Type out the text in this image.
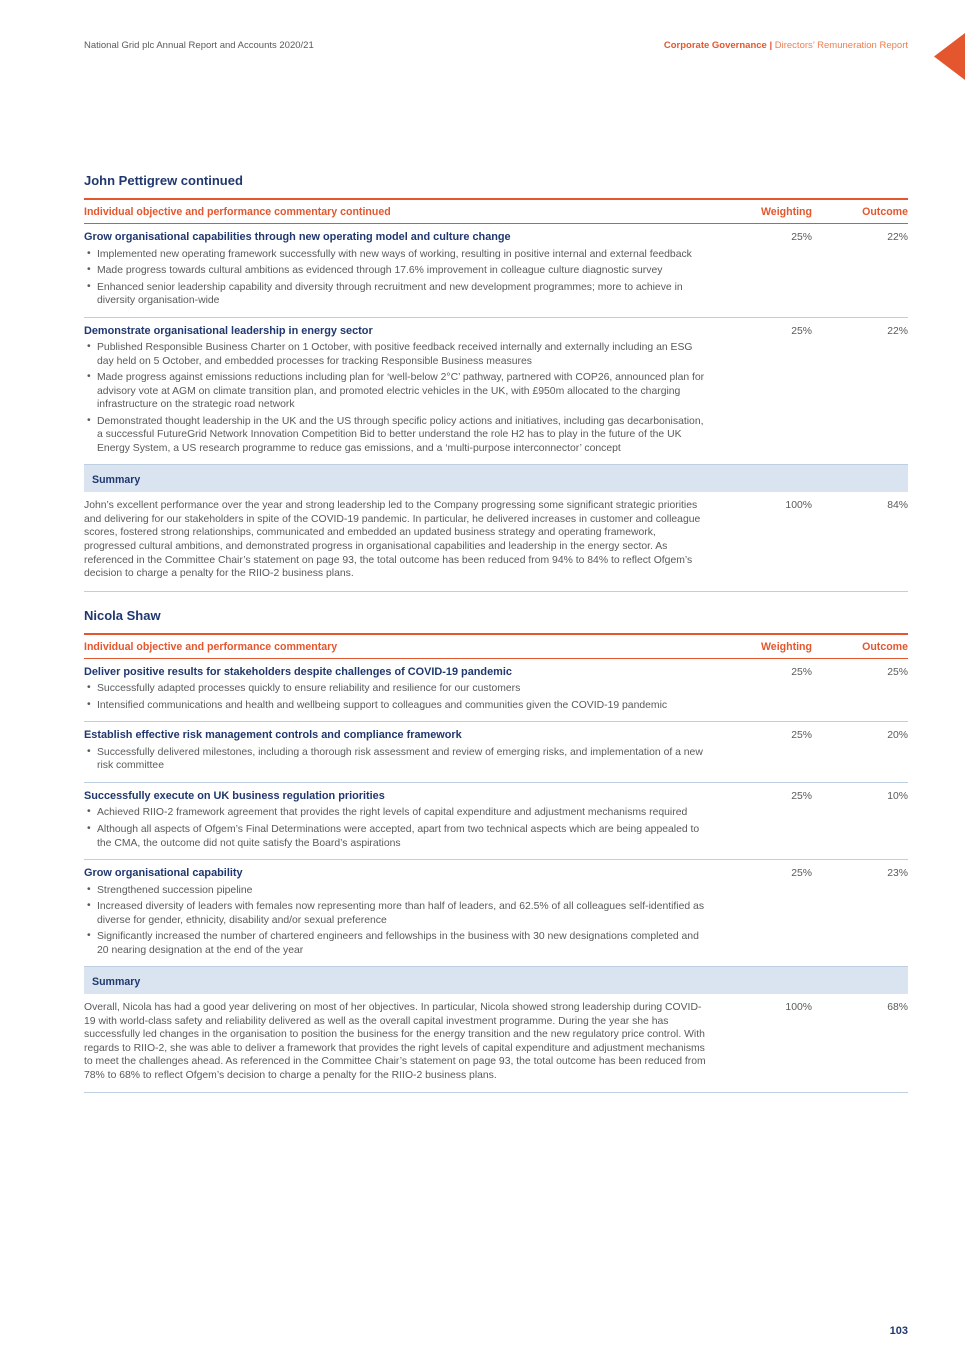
National Grid plc Annual Report and Accounts 2020/21	Corporate Governance | Directors’ Remuneration Report
John Pettigrew continued
Individual objective and performance commentary continued	Weighting	Outcome
Grow organisational capabilities through new operating model and culture change
• Implemented new operating framework successfully with new ways of working, resulting in positive internal and external feedback
• Made progress towards cultural ambitions as evidenced through 17.6% improvement in colleague culture diagnostic survey
• Enhanced senior leadership capability and diversity through recruitment and new development programmes; more to achieve in diversity organisation-wide
25%	22%
Demonstrate organisational leadership in energy sector
• Published Responsible Business Charter on 1 October, with positive feedback received internally and externally including an ESG day held on 5 October, and embedded processes for tracking Responsible Business measures
• Made progress against emissions reductions including plan for ‘well-below 2°C’ pathway, partnered with COP26, announced plan for advisory vote at AGM on climate transition plan, and promoted electric vehicles in the UK, with £950m allocated to the charging infrastructure on the strategic road network
• Demonstrated thought leadership in the UK and the US through specific policy actions and initiatives, including gas decarbonisation, a successful FutureGrid Network Innovation Competition Bid to better understand the role H2 has to play in the future of the UK Energy System, a US research programme to reduce gas emissions, and a ‘multi-purpose interconnector’ concept
25%	22%
Summary
John’s excellent performance over the year and strong leadership led to the Company progressing some significant strategic priorities and delivering for our stakeholders in spite of the COVID-19 pandemic. In particular, he delivered increases in customer and colleague scores, fostered strong relationships, communicated and embedded an updated business strategy and operating framework, progressed cultural ambitions, and demonstrated progress in organisational capabilities and leadership in the energy sector. As referenced in the Committee Chair’s statement on page 93, the total outcome has been reduced from 94% to 84% to reflect Ofgem’s decision to charge a penalty for the RIIO-2 business plans.
100%	84%
Nicola Shaw
Individual objective and performance commentary	Weighting	Outcome
Deliver positive results for stakeholders despite challenges of COVID-19 pandemic
• Successfully adapted processes quickly to ensure reliability and resilience for our customers
• Intensified communications and health and wellbeing support to colleagues and communities given the COVID-19 pandemic
25%	25%
Establish effective risk management controls and compliance framework
• Successfully delivered milestones, including a thorough risk assessment and review of emerging risks, and implementation of a new risk committee
25%	20%
Successfully execute on UK business regulation priorities
• Achieved RIIO-2 framework agreement that provides the right levels of capital expenditure and adjustment mechanisms required
• Although all aspects of Ofgem’s Final Determinations were accepted, apart from two technical aspects which are being appealed to the CMA, the outcome did not quite satisfy the Board’s aspirations
25%	10%
Grow organisational capability
• Strengthened succession pipeline
• Increased diversity of leaders with females now representing more than half of leaders, and 62.5% of all colleagues self-identified as diverse for gender, ethnicity, disability and/or sexual preference
• Significantly increased the number of chartered engineers and fellowships in the business with 30 new designations completed and 20 nearing designation at the end of the year
25%	23%
Summary
Overall, Nicola has had a good year delivering on most of her objectives. In particular, Nicola showed strong leadership during COVID-19 with world-class safety and reliability delivered as well as the overall capital investment programme. During the year she has successfully led changes in the organisation to position the business for the energy transition and the new regulatory price control. With regards to RIIO-2, she was able to deliver a framework that provides the right levels of capital expenditure and adjustment mechanisms to meet the challenges ahead. As referenced in the Committee Chair’s statement on page 93, the total outcome has been reduced from 78% to 68% to reflect Ofgem’s decision to charge a penalty for the RIIO-2 business plans.
100%	68%
103
